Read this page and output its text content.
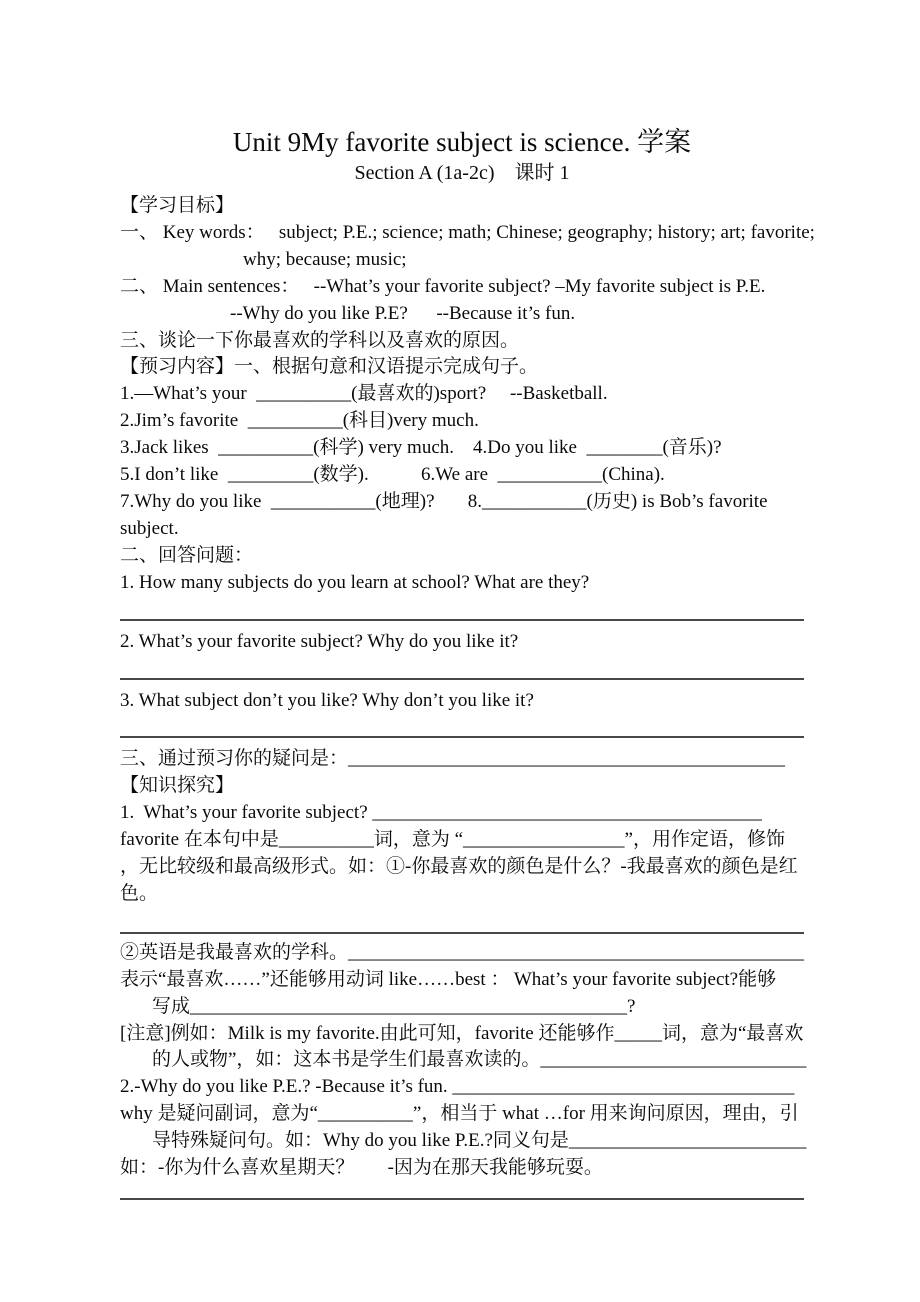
Unit 9My favorite subject is science. 学案
Section A (1a-2c)　课时 1
【学习目标】
一、 Key words：   subject; P.E.; science; math; Chinese; geography; history; art; favorite;
why; because; music;
二、 Main sentences：   --What’s your favorite subject? –My favorite subject is P.E.
--Why do you like P.E?      --Because it’s fun.
三、谈论一下你最喜欢的学科以及喜欢的原因。
【预习内容】一、根据句意和汉语提示完成句子。
1.—What’s your  __________(最喜欢的)sport?     --Basketball.
2.Jim’s favorite  __________(科目)very much.
3.Jack likes  __________(科学) very much.    4.Do you like  ________(音乐)?
5.I don’t like  _________(数学).           6.We are  ___________(China).
7.Why do you like  ___________(地理)?       8.___________(历史) is Bob’s favorite
subject.
二、回答问题：
1. How many subjects do you learn at school? What are they?
2. What’s your favorite subject? Why do you like it?
3. What subject don’t you like? Why don’t you like it?
三、通过预习你的疑问是：______________________________________________
【知识探究】
1.  What’s your favorite subject? _________________________________________
favorite 在本句中是__________词，意为 “_________________”，用作定语，修饰
，无比较级和最高级形式。如：①-你最喜欢的颜色是什么？-我最喜欢的颜色是红
色。
②英语是我最喜欢的学科。________________________________________________
表示“最喜欢……”还能够用动词 like……best ： What’s your favorite subject?能够
写成______________________________________________?
[注意]例如：Milk is my favorite.由此可知，favorite 还能够作_____词，意为“最喜欢
的人或物”，如：这本书是学生们最喜欢读的。____________________________
2.-Why do you like P.E.? -Because it’s fun. ____________________________________
why 是疑问副词，意为“__________”，相当于 what …for 用来询问原因，理由，引
导特殊疑问句。如：Why do you like P.E.?同义句是_________________________
如：-你为什么喜欢星期天？       -因为在那天我能够玩耍。
